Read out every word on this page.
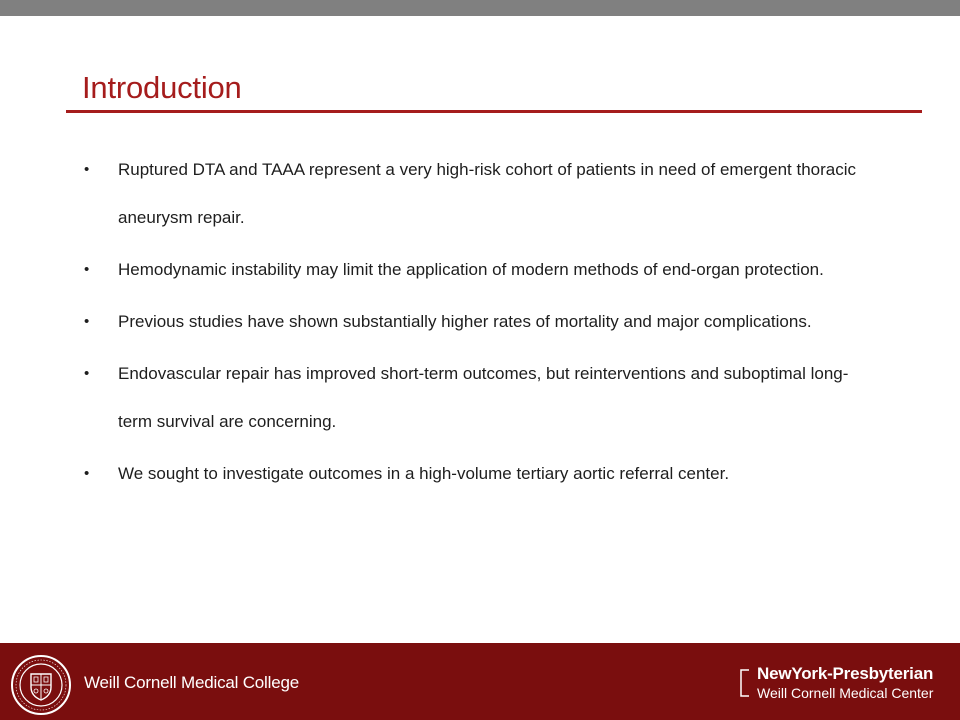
Introduction
• Ruptured DTA and TAAA represent a very high-risk cohort of patients in need of emergent thoracic aneurysm repair.
• Hemodynamic instability may limit the application of modern methods of end-organ protection.
• Previous studies have shown substantially higher rates of mortality and major complications.
• Endovascular repair has improved short-term outcomes, but reinterventions and suboptimal long-term survival are concerning.
• We sought to investigate outcomes in a high-volume tertiary aortic referral center.
Weill Cornell Medical College	NewYork-Presbyterian
Weill Cornell Medical Center
